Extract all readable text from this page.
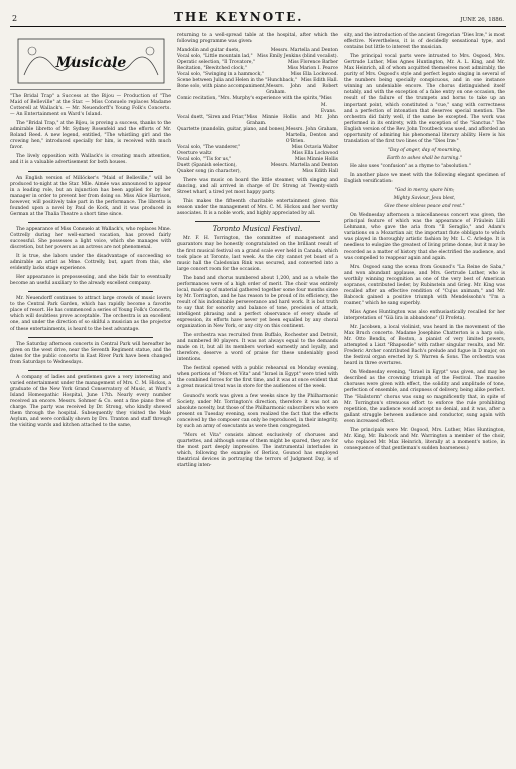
2	THE KEYNOTE.	JUNE 26, 1886.
Musicale

"The Bridal Trap" a Success at the Bijou — Production of "The Maid of Belleville" at the Star. — Miss Consuelo replaces Madame Cotterell at Wallack's. — Mr. Neuendorff's Young Folk's Concerts. — An Entertainment on Ward's Island.

The "Bridal Trap," at the Bijou, is proving a success, thanks to the admirable libretto of Mr. Sydney Rosenfeld and the efforts of Mr. Roland Reed. A new legend, entitled, "The whistling girl and the crowing hen," introduced specially for him, is received with much favor.

The lively opposition with Wallack's is creating much attention, and it is a valuable advertisement for both houses.

An English version of Millöcker's "Maid of Belleville," will be produced to-night at the Star. Mlle. Aimée was announced to appear in a leading role, but an injunction has been applied for by her manager in order to prevent her from doing so. Miss Alice Harrison, however, will positively take part in the performance. The libretto is founded upon a novel by Paul de Kock, and it was produced in German at the Thalia Theatre a short time since.

The appearance of Miss Consuelo at Wallack's, who replaces Mme. Cottrelly during her well-earned vacation, has proved fairly successful. She possesses a light voice, which she manages with discretion, but her powers as an actress are not phenomenal.

It is true, she labors under the disadvantage of succeeding so admirable an artist as Mme. Cottrelly, but, apart from this, she evidently lacks stage experience.

Her appearance is prepossessing, and she bids fair to eventually become an useful auxiliary to the already excellent company.

Mr. Neuendorff continues to attract large crowds of music lovers to the Central Park Garden, which has rapidly become a favorite place of resort. He has commenced a series of Young Folk's Concerts, which will doubtless prove acceptable. The orchestra is an excellent one, and under the direction of so skilful a musician as the projector of these entertainments, is heard to the best advantage.

The Saturday afternoon concerts in Central Park will hereafter be given on the west drive, near the Seventh Regiment statue, and the dates for the public concerts in East River Park have been changed from Saturdays to Wednesdays.

A company of ladies and gentlemen gave a very interesting and varied entertainment under the management of Mrs. C. M. Hickox, a graduate of the New York Grand Conservatory of Music, at Ward's Island Homeopathic Hospital, June 17th. Nearly every number received an encore. Messrs. Sohmer & Co. sent a fine piano free of charge. The party was received by Dr. Strong, who kindly showed them through the hospital. Subsequently they visited the Male Asylum, and were cordially shown by Drs. Tranton and staff through the visiting wards and kitchen attached to the same,

returning to a well-spread table at the hospital, after which the following programme was given:

Mandolin and guitar duets,	Messrs. Martella and Denton
Vocal solo, "Little mountain lad," Miss Emily Jenkins (blind vocalist).
Operatic selection, "Il Trovatore,"	Miss Florence Barber
Recitation, "Bewitched clock,"	Miss Marion I. Pearce
Vocal solo, "Swinging in a hammock,"	Miss Ella Lockwood.
Scene between Julia and Helen in the "Hunchback," Miss Edith Hall.
Bone solo, with piano accompaniment, Messrs. John and Robert Graham.
Comic recitation, "Mrs. Murphy's experience with the spirits," Miss M. Evans.
Vocal duett, "Siren and Friar," Miss Minnie Hollis and Mr. John Graham.
Quartette (mandolin, guitar, piano, and bones), Messrs. John Graham, Martella, Denton and O'Brien.
Vocal solo, "The wanderer,"	Miss Octavia Walter
Overture waltz	Miss Ella Lockwood
Vocal solo, "'Tis for us,"	Miss Minnie Hollis
Duett (Spanish selection),	Messrs. Martella and Denton
Quaker song (in character),	Miss Edith Hall

There was music on board the little steamer, with singing and dancing, and all arrived in charge of Dr. Strong at Twenty-sixth Street wharf, a tired yet most happy party.

This makes the fifteenth charitable entertainment given this season under the management of Mrs. C. M. Hickox and her worthy associates. It is a noble work, and highly appreciated by all.

Toronto Musical Festival.

Mr. F. H. Torrington, the committee of management and guarantors may be honestly congratulated on the brilliant result of the first musical festival on a grand scale ever held in Canada, which took place at Toronto, last week. As the city cannot yet boast of a music hall the Caledonian Rink was secured, and converted into a large concert room for the occasion.

The band and chorus numbered about 1,200, and as a whole the performances were of a high order of merit. The choir was entirely local, made up of material gathered together some four months since by Mr. Torrington, and he has reason to be proud of its efficiency, the result of his indomitable perseverance and hard work. It is but truth to say that for sonority and balance of tone, precision of attack, intelligent phrasing and a perfect observance of every shade of expression, its efforts have never yet been equalled by any choral organization in New York, or any city on this continent.

The orchestra was recruited from Buffalo, Rochester and Detroit, and numbered 80 players. It was not always equal to the demands made on it, but all its members worked earnestly and loyally, and therefore, deserve a word of praise for these undeniably good intentions.

The festival opened with a public rehearsal on Monday evening, when portions of "Mors et Vita" and "Israel in Egypt" were tried with the combined forces for the first time, and it was at once evident that a great musical treat was in store for the audiences of the week.

Gounod's work was given a few weeks since by the Philharmonic Society, under Mr. Torrington's direction, therefore it was not an absolute novelty, but those of the Philharmonic subscribers who were present on Tuesday evening, soon realized the fact that the effects conceived by the composer can only be reproduced, in their integrity, by such an army of executants as were then congregated.

"Mors et Vita" consists almost exclusively of choruses and quartettes, and although some of them might be spared, they are for the most part deeply impressive. The instrumental interludes in which, following the example of Berlioz, Gounod has employed theatrical devices in portraying the terrors of Judgment Day, is of startling inten-

sity, and the introduction of the ancient Gregorian "Dies Iræ," is most effective. Nevertheless, it is of decidedly sensational type, and contains but little to interest the musician.

The principal vocal parts were intrusted to Mrs. Osgood, Mrs. Gertrude Luther, Miss Agnes Huntington, Mr. A. L. King, and Mr. Max Heinrich, all of whom acquitted themselves most admirably, the purity of Mrs. Osgood's style and perfect legato singing in several of the numbers being specially conspicuous, and in one instance winning an undeniable encore. The chorus distinguished itself notably, and with the exception of a false entry on one occasion, the result of the failure of the trumpets and horns to take up an important point, which constituted a "cue," sang with correctness and a perfection of intonation that deserves special mention. The orchestra did fairly well, if the same be excepted. The work was performed in its entirety, with the exception of the "Sanctus." The English version of the Rev. John Troutbeck was used, and afforded an opportunity of admiring his phenomenal literary ability. Here is his translation of the first two lines of the "Dies Iræ:"

"Day of anger, day of mourning,
Earth to ashes shall be turning."

He also uses "confusion" as a rhyme to "absolution."

In another place we meet with the following elegant specimen of English versification:

"God in mercy, spare him;
Mighty Saviour, Jesu blest,
Give these sinless peace and rest."

On Wednesday afternoon a miscellaneous concert was given, the principal feature of which was the appearance of Fräulein Lilli Lehmann, who gave the aria from "Il Seraglio," and Adam's variations on a Mozartian air, the important flute obbligato to which was played in thoroughly artistic fashion by Mr. L. C. Arledge. It is needless to eulogize the greatest of living prime donne, but it may be recorded as a matter of history that she electrified the audience, and was compelled to reappear again and again.

Mrs. Osgood sang the scena from Gounod's "La Reine de Saba," and won abundant applause, and Mrs. Gertrude Luther, who is worthily winning recognition as one of the very best of American sopranos, contributed lieder, by Rubinstein and Grieg. Mr. King was recalled after an effective rendition of "Cujus animam," and Mr. Babcock gained a positive triumph with Mendelssohn's "I'm a roamer," which he sang superbly.

Miss Agnes Huntington was also enthusiastically recalled for her interpretation of "Già lira in abbandono" (Il Profeta).

Mr. Jacobsen, a local violinist, was heard in the movement of the Max Bruch concerto. Madame Josephine Chatterton is a harp solo, Mr. Otto Bendix, of Boston, a pianist of very limited powers, attempted a Liszt "Rhapsodie" with rather singular results, and Mr. Frederic Archer contributed Bach's prelude and fugue in D major, on the festival organ erected by S. Warren & Sons. The orchestra was heard in three overtures.

On Wednesday evening, "Israel in Egypt" was given, and may be described as the crowning triumph of the Festival. The massive choruses were given with effect, the solidity and amplitude of tone, perfection of ensemble, and crispness of delivery, being alike perfect. The "Hailstorm" chorus was sung so magnificently that, in spite of Mr. Torrington's strenuous effort to enforce the rule prohibiting repetition, the audience would accept no denial, and it was, after a gallant struggle between audience and conductor, sung again with even increased effect.

The principals were Mr. Osgood, Mrs. Luther, Miss Huntington, Mr. King, Mr. Babcock and Mr. Warrington a member of the choir, who replaced Mr. Max Heinrich, literally at a moment's notice, in consequence of that gentleman's sudden hoarseness.)
